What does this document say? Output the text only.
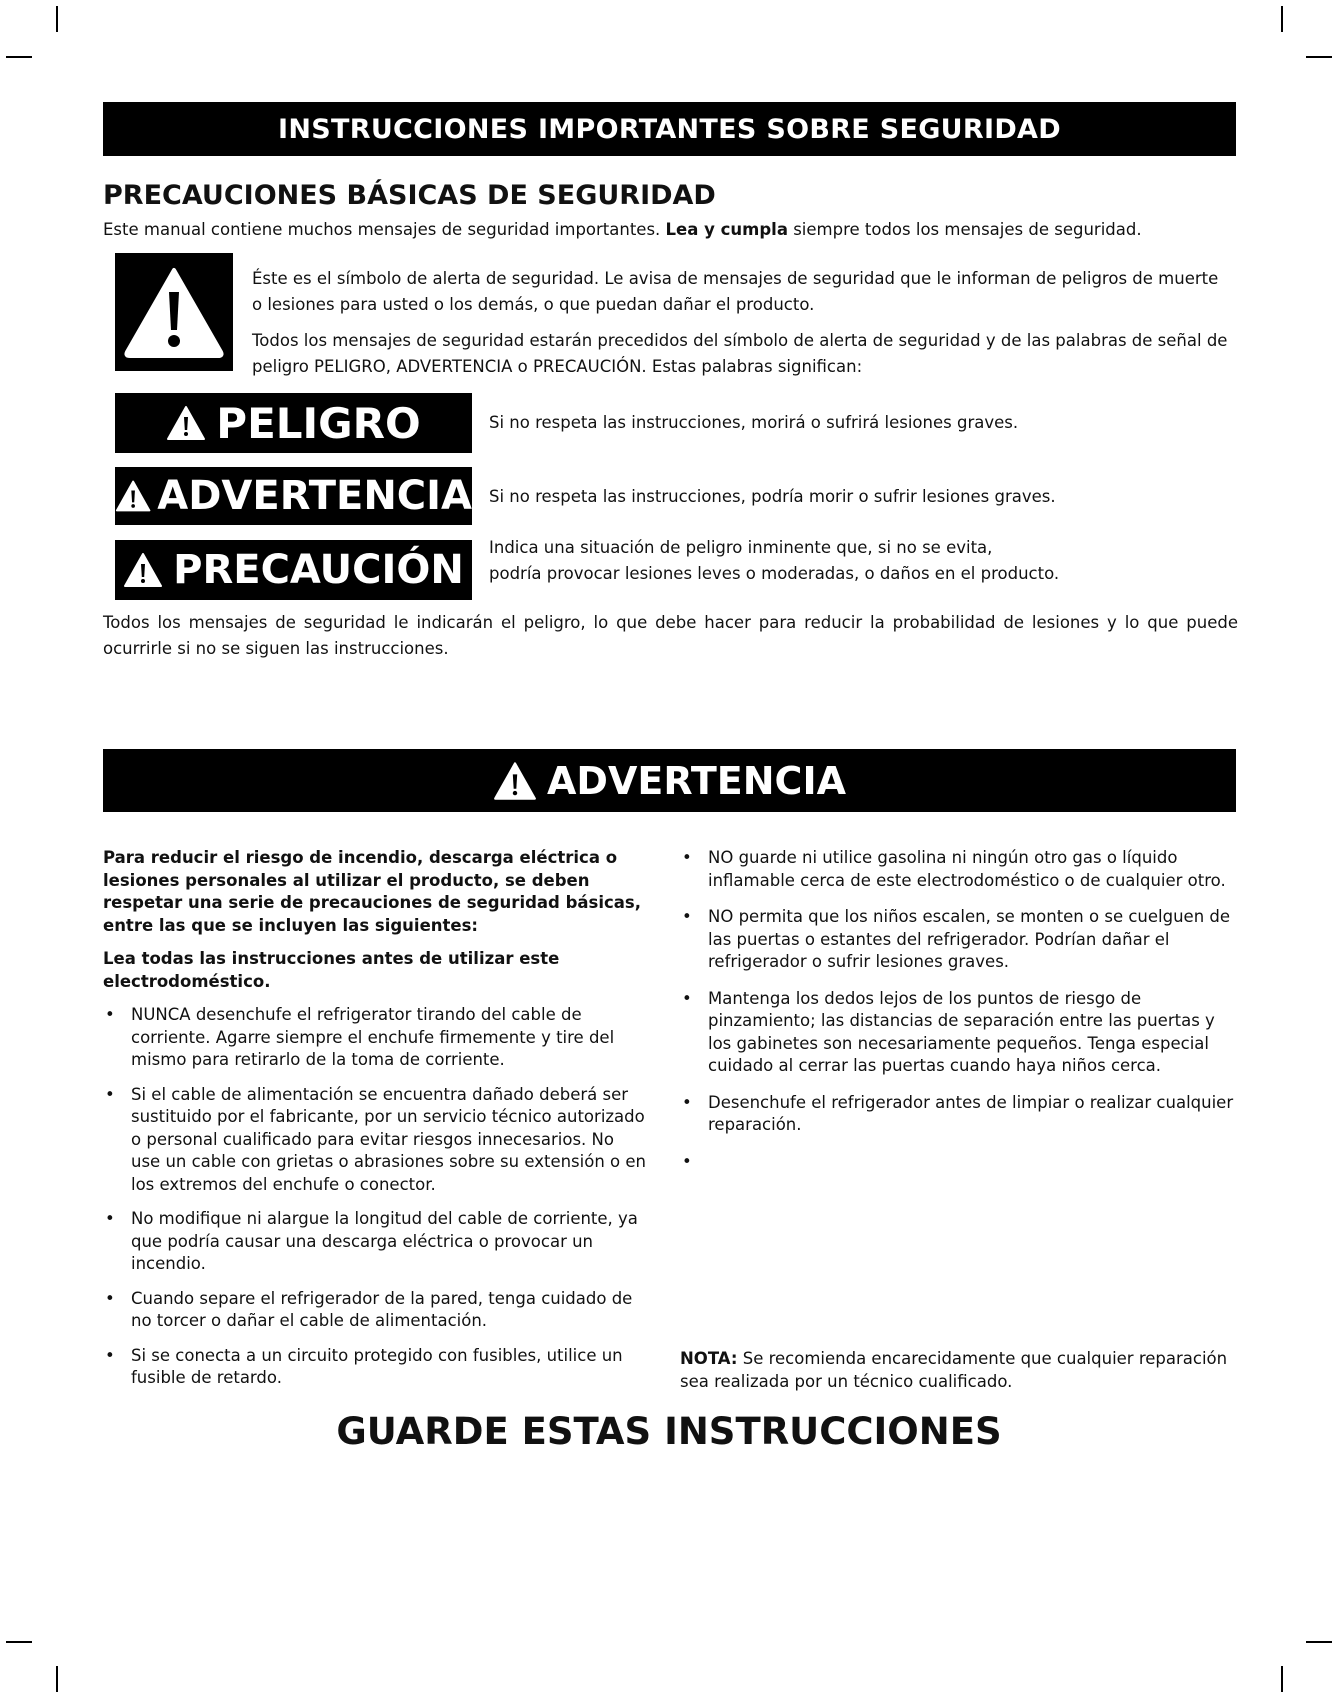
INSTRUCCIONES IMPORTANTES SOBRE SEGURIDAD
PRECAUCIONES BÁSICAS DE SEGURIDAD

Este manual contiene muchos mensajes de seguridad importantes. Lea y cumpla siempre todos los mensajes de seguridad.

Éste es el símbolo de alerta de seguridad. Le avisa de mensajes de seguridad que le informan de peligros de muerte o lesiones para usted o los demás, o que puedan dañar el producto.

Todos los mensajes de seguridad estarán precedidos del símbolo de alerta de seguridad y de las palabras de señal de peligro PELIGRO, ADVERTENCIA o PRECAUCIÓN. Estas palabras significan:

PELIGRO	Si no respeta las instrucciones, morirá o sufrirá lesiones graves.

ADVERTENCIA Si no respeta las instrucciones, podría morir o sufrir lesiones graves.

PRECAUCIÓN Indica una situación de peligro inminente que, si no se evita,
podría provocar lesiones leves o moderadas, o daños en el producto.

Todos los mensajes de seguridad le indicarán el peligro, lo que debe hacer para reducir la probabilidad de lesiones y lo que puede ocurrirle si no se siguen las instrucciones.

ADVERTENCIA

Para reducir el riesgo de incendio, descarga eléctrica o lesiones personales al utilizar el producto, se deben respetar una serie de precauciones de seguridad básicas, entre las que se incluyen las siguientes:

Lea todas las instrucciones antes de utilizar este electrodoméstico.

• NUNCA desenchufe el refrigerator tirando del cable de corriente. Agarre siempre el enchufe firmemente y tire del mismo para retirarlo de la toma de corriente.
• Si el cable de alimentación se encuentra dañado deberá ser sustituido por el fabricante, por un servicio técnico autorizado o personal cualificado para evitar riesgos innecesarios. No use un cable con grietas o abrasiones sobre su extensión o en los extremos del enchufe o conector.
• No modifique ni alargue la longitud del cable de corriente, ya que podría causar una descarga eléctrica o provocar un incendio.
• Cuando separe el refrigerador de la pared, tenga cuidado de no torcer o dañar el cable de alimentación.
• Si se conecta a un circuito protegido con fusibles, utilice un fusible de retardo.
• NO guarde ni utilice gasolina ni ningún otro gas o líquido inflamable cerca de este electrodoméstico o de cualquier otro.
• NO permita que los niños escalen, se monten o se cuelguen de las puertas o estantes del refrigerador. Podrían dañar el refrigerador o sufrir lesiones graves.
• Mantenga los dedos lejos de los puntos de riesgo de pinzamiento; las distancias de separación entre las puertas y los gabinetes son necesariamente pequeños. Tenga especial cuidado al cerrar las puertas cuando haya niños cerca.
• Desenchufe el refrigerador antes de limpiar o realizar cualquier reparación.
•

NOTA: Se recomienda encarecidamente que cualquier reparación sea realizada por un técnico cualificado.

GUARDE ESTAS INSTRUCCIONES
